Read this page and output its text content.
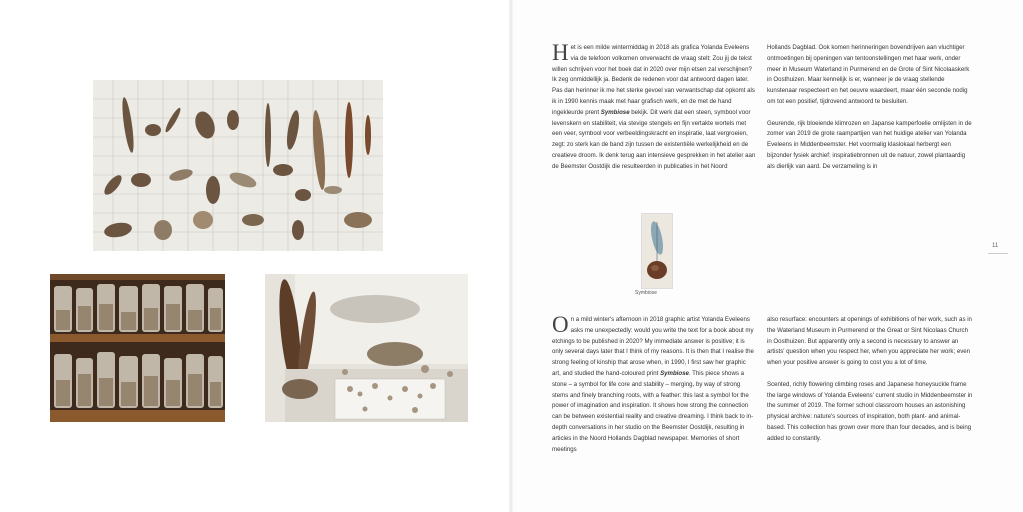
Het is een milde wintermiddag in 2018 als grafica Yolanda Eveleens via de telefoon volkomen onverwacht de vraag stelt: Zou jij de tekst willen schrijven voor het boek dat in 2020 over mijn etsen zal verschijnen? Ik zeg onmiddellijk ja. Bedenk de redenen voor dat antwoord dagen later. Pas dan herinner ik me het sterke gevoel van verwantschap dat opkomt als ik in 1990 kennis maak met haar grafisch werk, en de met de hand ingekleurde prent Symbiose bekijk. Dit werk dat een steen, symbool voor levenskern en stabiliteit, via stevige stengels en fijn vertakte wortels met een veer, symbool voor verbeeldingskracht en inspiratie, laat vergroeien, zegt: zo sterk kan de band zijn tussen de existentiële werkelijkheid en de creatieve droom. Ik denk terug aan intensieve gesprekken in het atelier aan de Beemster Oostdijk die resulteerden in publicaties in het Noord

Hollands Dagblad. Ook komen herinneringen bovendrijven aan vluchtiger ontmoetingen bij openingen van tentoonstellingen met haar werk, onder meer in Museum Waterland in Purmerend en de Grote of Sint Nicolaaskerk in Oosthuizen. Maar kennelijk is er, wanneer je de vraag stellende kunstenaar respecteert en het oeuvre waardeert, maar één seconde nodig om tot een positief, tijdrovend antwoord te besluiten.

Geurende, rijk bloeiende klimrozen en Japanse kamperfoelie omlijsten in de zomer van 2019 de grote raampartijen van het huidige atelier van Yolanda Eveleens in Middenbeemster. Het voormalig klaslokaal herbergt een bijzonder fysiek archief: inspiratiebronnen uit de natuur, zowel plantaardig als dierlijk van aard. De verzameling is in

Symbiose
11

On a mild winter's afternoon in 2018 graphic artist Yolanda Eveleens asks me unexpectedly: would you write the text for a book about my etchings to be published in 2020? My immediate answer is positive; it is only several days later that I think of my reasons. It is then that I realise the strong feeling of kinship that arose when, in 1990, I first saw her graphic art, and studied the hand-coloured print Symbiose. This piece shows a stone – a symbol for life core and stability – merging, by way of strong stems and finely branching roots, with a feather: this last a symbol for the power of imagination and inspiration. It shows how strong the connection can be between existential reality and creative dreaming. I think back to in-depth conversations in her studio on the Beemster Oostdijk, resulting in articles in the Noord Hollands Dagblad newspaper. Memories of short meetings

also resurface: encounters at openings of exhibitions of her work, such as in the Waterland Museum in Purmerend or the Great or Sint Nicolaas Church in Oosthuizen. But apparently only a second is necessary to answer an artists' question when you respect her, when you appreciate her work; even when your positive answer is going to cost you a lot of time.

Scented, richly flowering climbing roses and Japanese honeysuckle frame the large windows of Yolanda Eveleens' current studio in Middenbeemster in the summer of 2019. The former school classroom houses an astonishing physical archive: nature's sources of inspiration, both plant- and animal-based. This collection has grown over more than four decades, and is being added to constantly.
